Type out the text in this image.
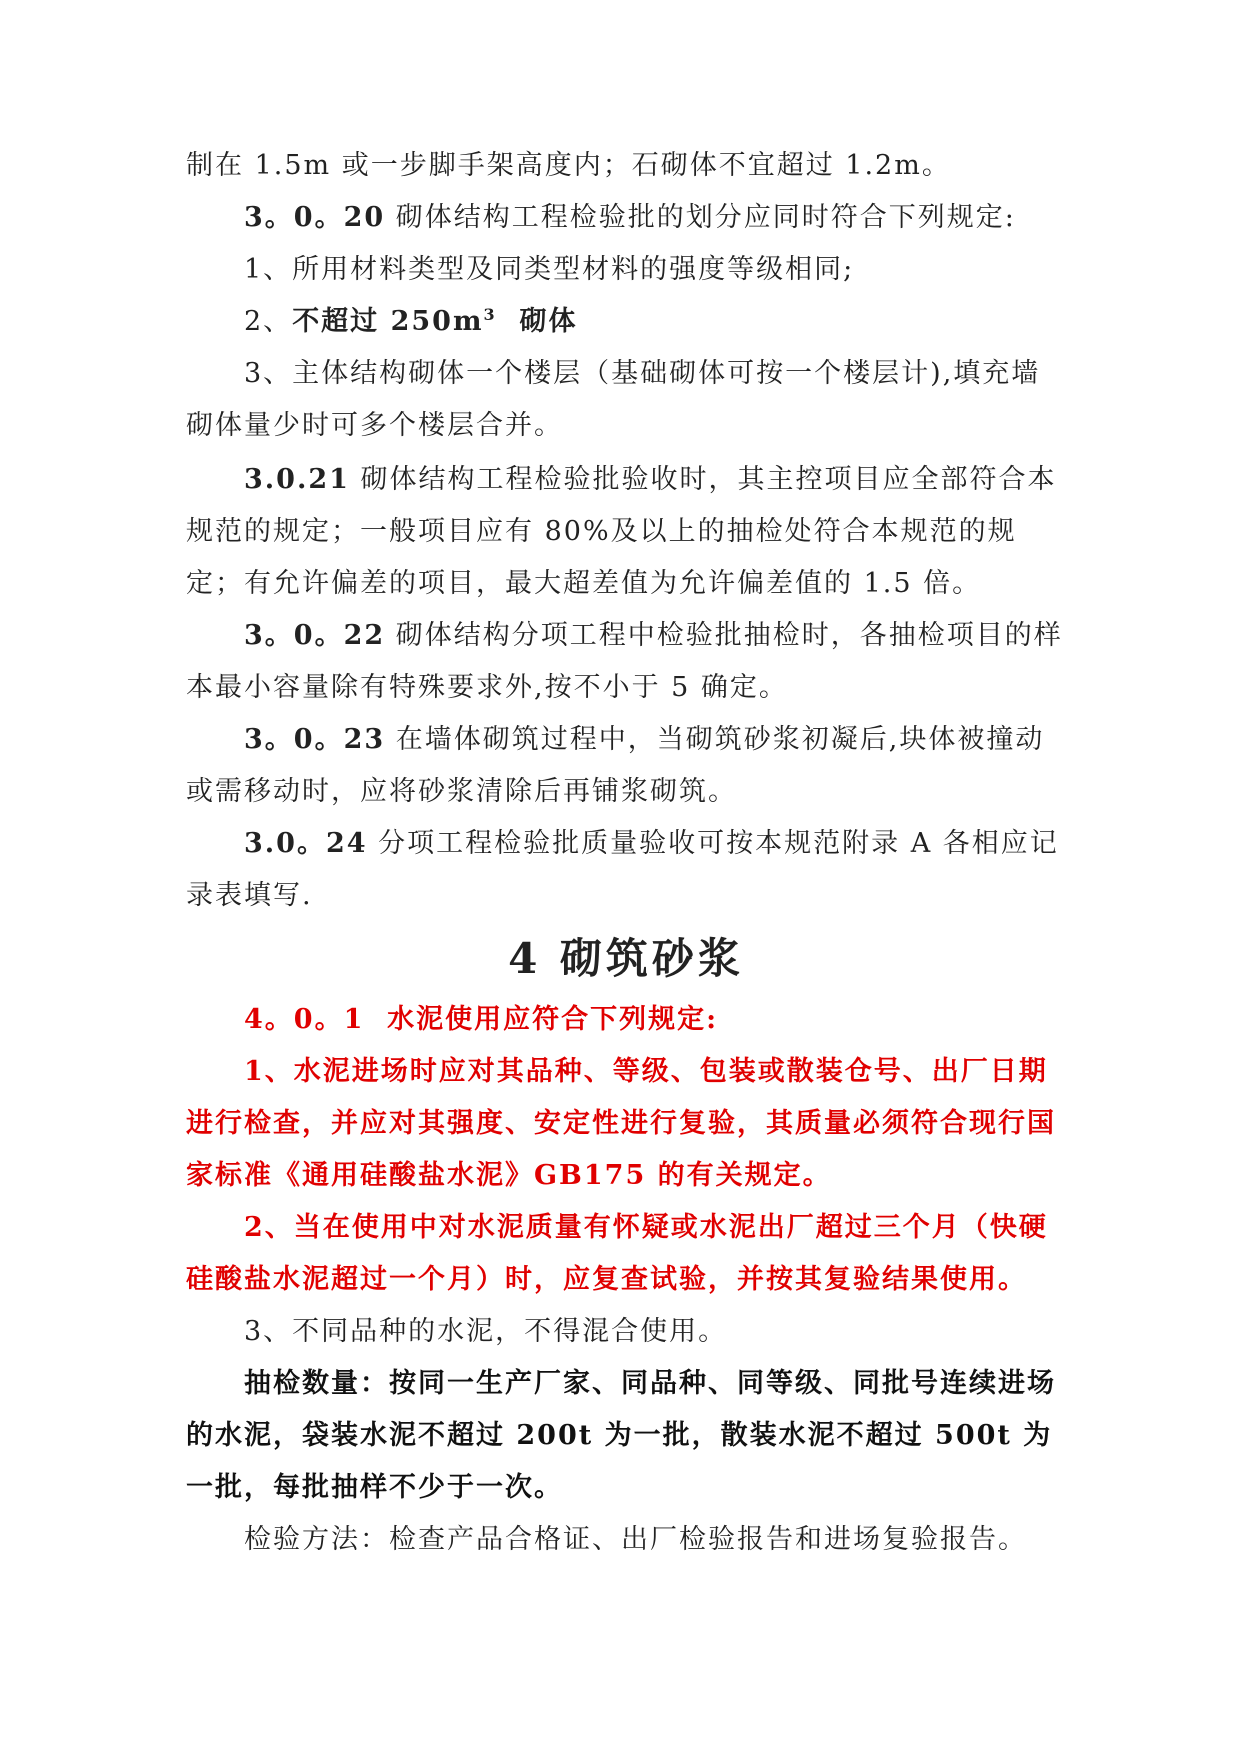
制在 1.5m 或一步脚手架高度内；石砌体不宜超过 1.2m。

3。0。20 砌体结构工程检验批的划分应同时符合下列规定:

1、所用材料类型及同类型材料的强度等级相同;

2、不超过 $250m^3$  砌体

3、主体结构砌体一个楼层（基础砌体可按一个楼层计),填充墙砌体量少时可多个楼层合并。

3.0.21 砌体结构工程检验批验收时，其主控项目应全部符合本规范的规定；一般项目应有 80%及以上的抽检处符合本规范的规定；有允许偏差的项目，最大超差值为允许偏差值的 1.5 倍。

3。0。22 砌体结构分项工程中检验批抽检时，各抽检项目的样本最小容量除有特殊要求外,按不小于 5 确定。

3。0。23 在墙体砌筑过程中，当砌筑砂浆初凝后,块体被撞动或需移动时，应将砂浆清除后再铺浆砌筑。

3.0。24 分项工程检验批质量验收可按本规范附录 A 各相应记录表填写.

4 砌筑砂浆

4。0。1  水泥使用应符合下列规定:

1、水泥进场时应对其品种、等级、包装或散装仓号、出厂日期进行检查，并应对其强度、安定性进行复验，其质量必须符合现行国家标准《通用硅酸盐水泥》GB175 的有关规定。

2、当在使用中对水泥质量有怀疑或水泥出厂超过三个月（快硬硅酸盐水泥超过一个月）时，应复查试验，并按其复验结果使用。

3、不同品种的水泥，不得混合使用。

抽检数量：按同一生产厂家、同品种、同等级、同批号连续进场的水泥，袋装水泥不超过 200t 为一批，散装水泥不超过 500t 为一批，每批抽样不少于一次。

检验方法：检查产品合格证、出厂检验报告和进场复验报告。
